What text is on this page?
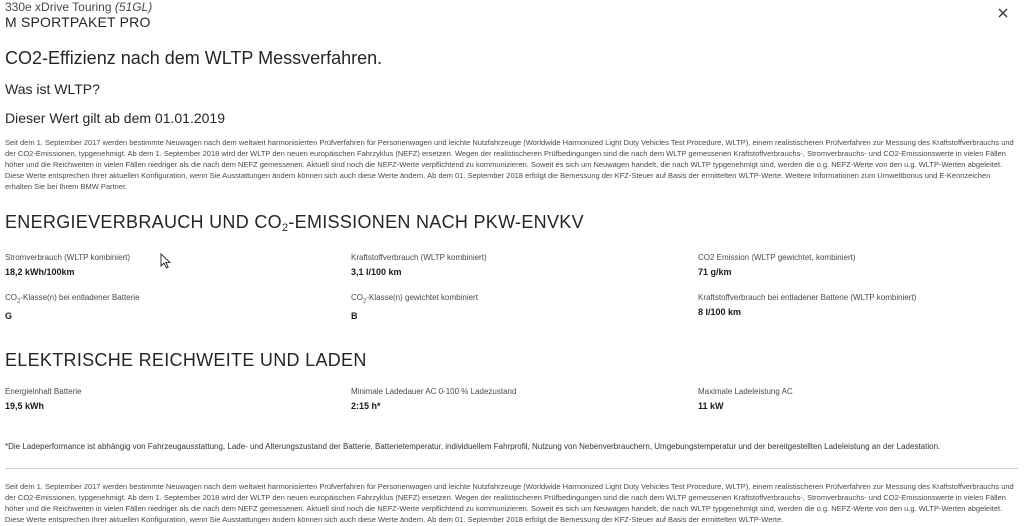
330e xDrive Touring (51GL)
M SPORTPAKET PRO
CO2-Effizienz nach dem WLTP Messverfahren.
Was ist WLTP?
Dieser Wert gilt ab dem 01.01.2019
Seit dem 1. September 2017 werden bestimmte Neuwagen nach dem weltweit harmonisierten Prüfverfahren für Personenwagen und leichte Nutzfahrzeuge (Worldwide Harmonized Light Duty Vehicles Test Procedure, WLTP), einem realistischeren Prüfverfahren zur Messung des Kraftstoffverbrauchs und der CO2-Emissionen, typgenehmigt. Ab dem 1. September 2018 wird der WLTP den neuen europäischen Fahrzyklus (NEFZ) ersetzen. Wegen der realistischeren Prüfbedingungen sind die nach dem WLTP gemessenen Kraftstoffverbrauchs-, Stromverbrauchs- und CO2-Emissionswerte in vielen Fällen höher und die Reichweiten in vielen Fällen niedriger als die nach dem NEFZ gemessenen. Aktuell sind noch die NEFZ-Werte verpflichtend zu kommunizieren. Soweit es sich um Neuwagen handelt, die nach WLTP typgenehmigt sind, werden die o.g. NEFZ-Werte von den u.g. WLTP-Werten abgeleitet. Diese Werte entsprechen Ihrer aktuellen Konfiguration, wenn Sie Ausstattungen ändern können sich auch diese Werte ändern. Ab dem 01. September 2018 erfolgt die Bemessung der KFZ-Steuer auf Basis der ermittelten WLTP-Werte. Weitere Informationen zum Umweltbonus und E-Kennzeichen erhalten Sie bei Ihrem BMW Partner.
ENERGIEVERBRAUCH UND $CO_2$-EMISSIONEN NACH PKW-ENVKV
Stromverbrauch (WLTP kombiniert)
18,2 kWh/100km
Kraftstoffverbrauch (WLTP kombiniert)
3,1 l/100 km
CO2 Emission (WLTP gewichtet, kombiniert)
71 g/km
$CO_2-Klasse(n)$ bei entladener Batterie
G
$CO_2-Klasse(n)$ gewichtet kombiniert
B
Kraftstoffverbrauch bei entladener Batterie (WLTP kombiniert)
8 l/100 km
ELEKTRISCHE REICHWEITE UND LADEN
Energieinhalt Batterie
19,5 kWh
Minimale Ladedauer AC 0-100 % Ladezustand
2:15 h*
Maximale Ladeleistung AC
11 kW
*Die Ladeperformance ist abhängig von Fahrzeugausstattung, Lade- und Alterungszustand der Batterie, Batterietemperatur, individuellem Fahrprofil, Nutzung von Nebenverbrauchern, Umgebungstemperatur und der bereitgestellten Ladeleistung an der Ladestation.
Seit dem 1. September 2017 werden bestimmte Neuwagen nach dem weltweit harmonisierten Prüfverfahren für Personenwagen und leichte Nutzfahrzeuge (Worldwide Harmonized Light Duty Vehicles Test Procedure, WLTP), einem realistischeren Prüfverfahren zur Messung des Kraftstoffverbrauchs und der CO2-Emissionen, typgenehmigt. Ab dem 1. September 2018 wird der WLTP den neuen europäischen Fahrzyklus (NEFZ) ersetzen. Wegen der realistischeren Prüfbedingungen sind die nach dem WLTP gemessenen Kraftstoffverbrauchs-, Stromverbrauchs- und CO2-Emissionswerte in vielen Fällen höher und die Reichweiten in vielen Fällen niedriger als die nach dem NEFZ gemessenen. Aktuell sind noch die NEFZ-Werte verpflichtend zu kommunizieren. Soweit es sich um Neuwagen handelt, die nach WLTP typgenehmigt sind, werden die o.g. NEFZ-Werte von den u.g. WLTP-Werten abgeleitet. Diese Werte entsprechen Ihrer aktuellen Konfiguration, wenn Sie Ausstattungen ändern können sich auch diese Werte ändern. Ab dem 01. September 2018 erfolgt die Bemessung der KFZ-Steuer auf Basis der ermittelten WLTP-Werte.
